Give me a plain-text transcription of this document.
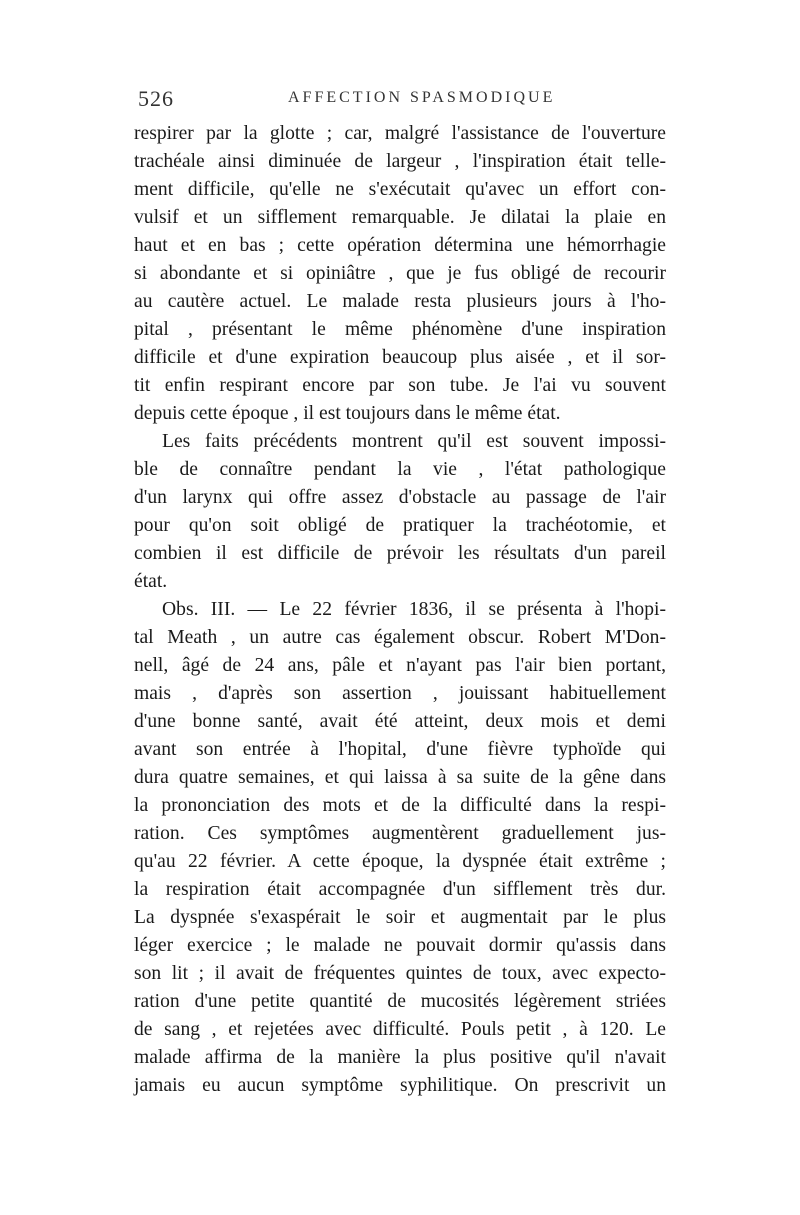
526	AFFECTION SPASMODIQUE
respirer par la glotte ; car, malgré l'assistance de l'ouverture
trachéale ainsi diminuée de largeur , l'inspiration était telle-
ment difficile, qu'elle ne s'exécutait qu'avec un effort con-
vulsif et un sifflement remarquable. Je dilatai la plaie en
haut et en bas ; cette opération détermina une hémorrhagie
si abondante et si opiniâtre , que je fus obligé de recourir
au cautère actuel. Le malade resta plusieurs jours à l'ho-
pital , présentant le même phénomène d'une inspiration
difficile et d'une expiration beaucoup plus aisée , et il sor-
tit enfin respirant encore par son tube. Je l'ai vu souvent
depuis cette époque , il est toujours dans le même état.
Les faits précédents montrent qu'il est souvent impossi-
ble de connaître pendant la vie , l'état pathologique
d'un larynx qui offre assez d'obstacle au passage de l'air
pour qu'on soit obligé de pratiquer la trachéotomie, et
combien il est difficile de prévoir les résultats d'un pareil
état.
Obs. III. — Le 22 février 1836, il se présenta à l'hopi-
tal Meath , un autre cas également obscur. Robert M'Don-
nell, âgé de 24 ans, pâle et n'ayant pas l'air bien portant,
mais , d'après son assertion , jouissant habituellement
d'une bonne santé, avait été atteint, deux mois et demi
avant son entrée à l'hopital, d'une fièvre typhoïde qui
dura quatre semaines, et qui laissa à sa suite de la gêne dans
la prononciation des mots et de la difficulté dans la respi-
ration. Ces symptômes augmentèrent graduellement jus-
qu'au 22 février. A cette époque, la dyspnée était extrême ;
la respiration était accompagnée d'un sifflement très dur.
La dyspnée s'exaspérait le soir et augmentait par le plus
léger exercice ; le malade ne pouvait dormir qu'assis dans
son lit ; il avait de fréquentes quintes de toux, avec expecto-
ration d'une petite quantité de mucosités légèrement striées
de sang , et rejetées avec difficulté. Pouls petit , à 120. Le
malade affirma de la manière la plus positive qu'il n'avait
jamais eu aucun symptôme syphilitique. On prescrivit un
